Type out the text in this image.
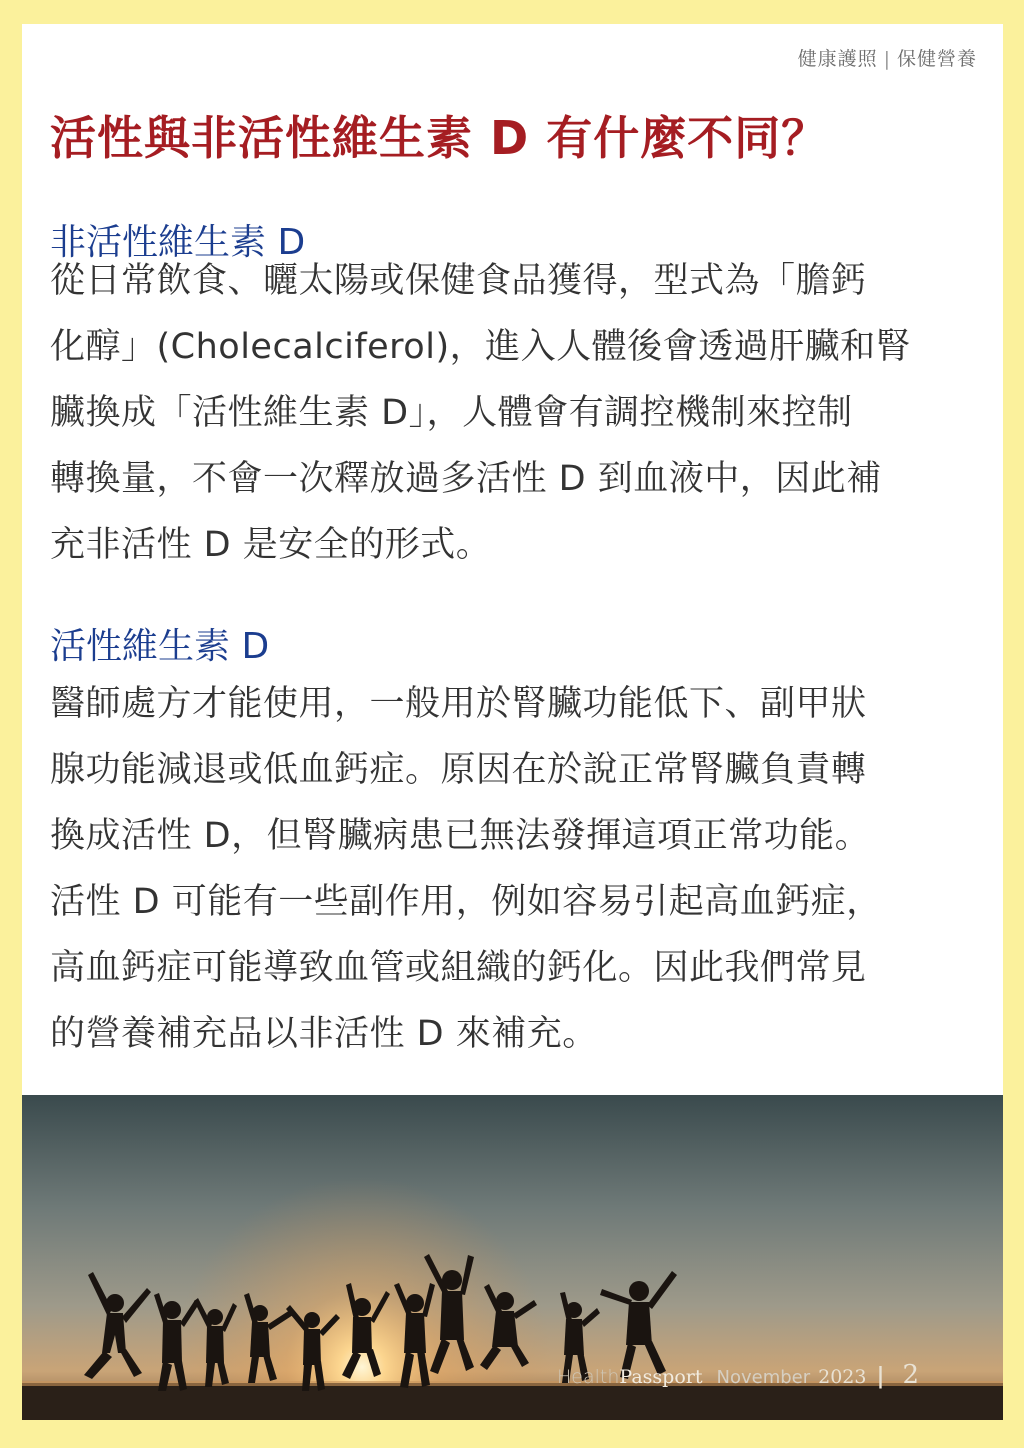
健康護照 | 保健營養
活性與非活性維生素 D 有什麼不同？
非活性維生素 D
從日常飲食、曬太陽或保健食品獲得，型式為「膽鈣
化醇」(Cholecalciferol)，進入人體後會透過肝臟和腎
臟換成「活性維生素 D」，人體會有調控機制來控制
轉換量，不會一次釋放過多活性 D 到血液中，因此補
充非活性 D 是安全的形式。
活性維生素 D
醫師處方才能使用，一般用於腎臟功能低下、副甲狀
腺功能減退或低血鈣症。原因在於說正常腎臟負責轉
換成活性 D，但腎臟病患已無法發揮這項正常功能。
活性 D 可能有一些副作用，例如容易引起高血鈣症，
高血鈣症可能導致血管或組織的鈣化。因此我們常見
的營養補充品以非活性 D 來補充。
HealthPassport November 2023 | 2
